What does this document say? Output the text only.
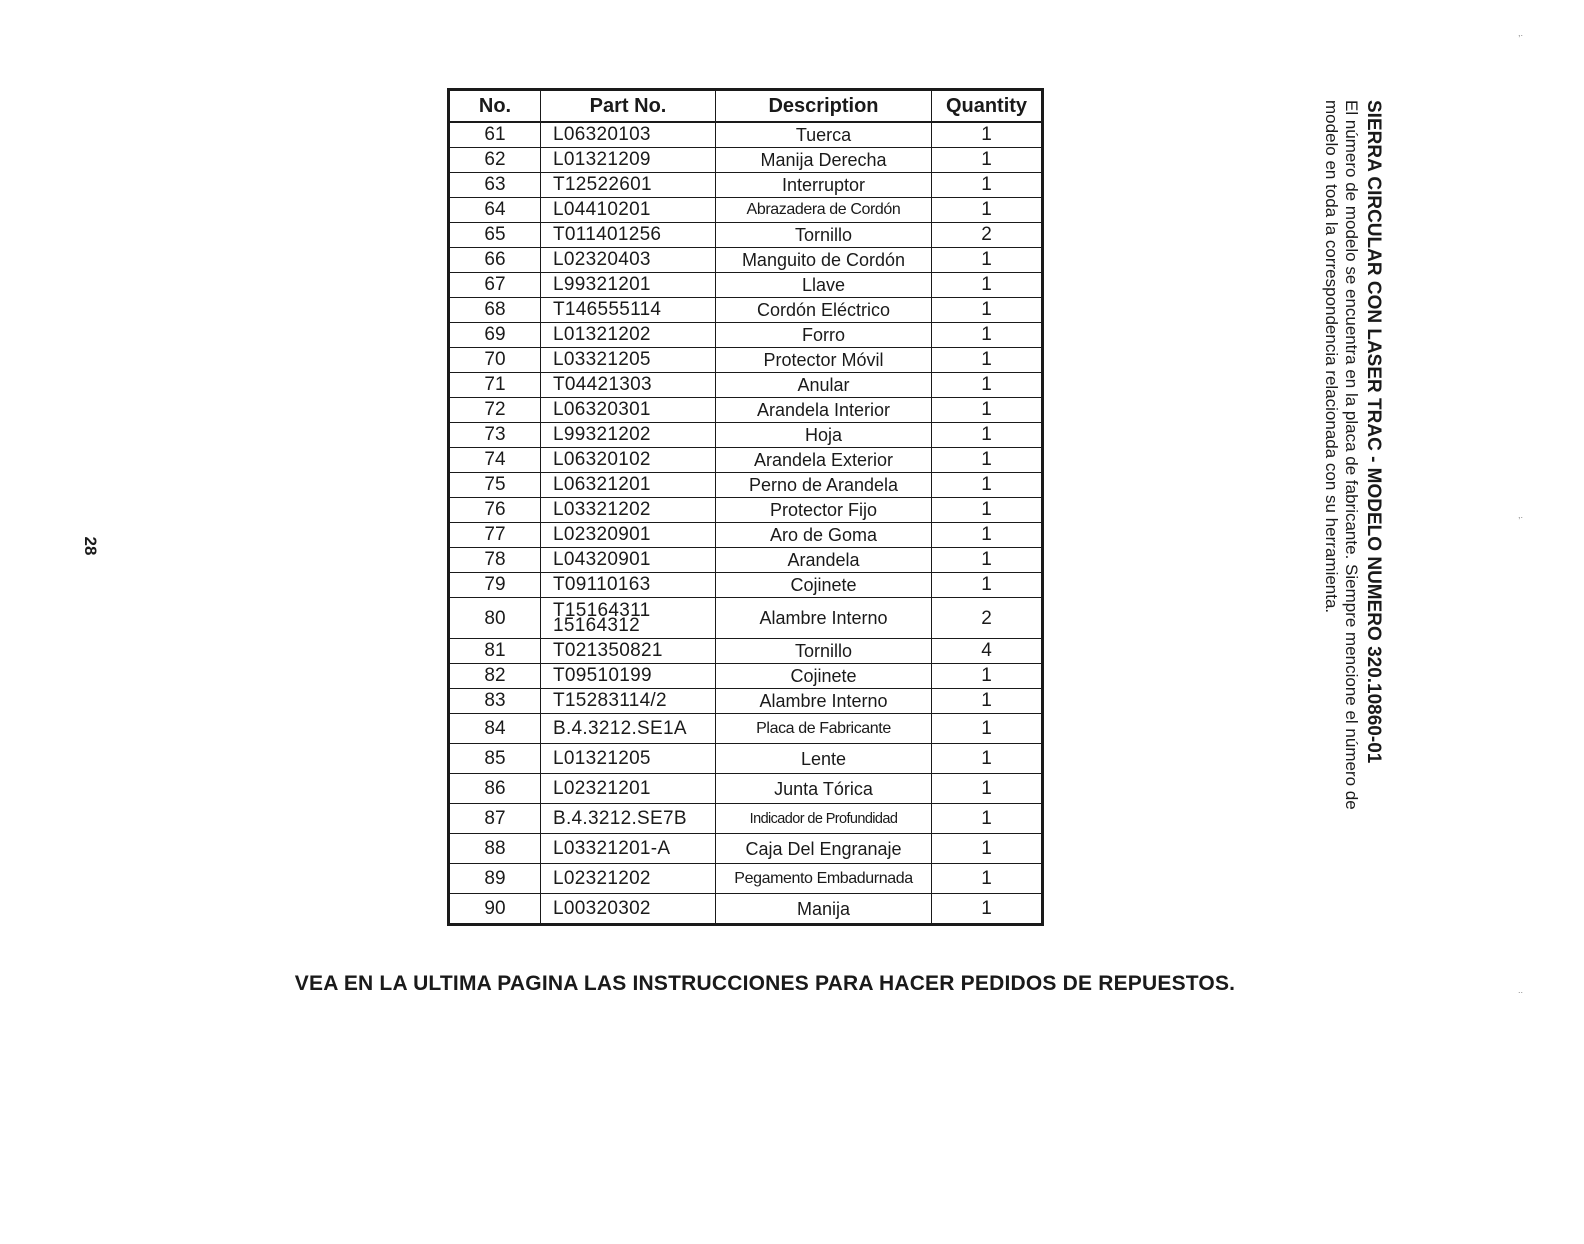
28
No.	Part No.	Description	Quantity
61	L06320103	Tuerca	1
62	L01321209	Manija Derecha	1
63	T12522601	Interruptor	1
64	L04410201	Abrazadera de Cordón	1
65	T011401256	Tornillo	2
66	L02320403	Manguito de Cordón	1
67	L99321201	Llave	1
68	T146555114	Cordón Eléctrico	1
69	L01321202	Forro	1
70	L03321205	Protector Móvil	1
71	T04421303	Anular	1
72	L06320301	Arandela Interior	1
73	L99321202	Hoja	1
74	L06320102	Arandela Exterior	1
75	L06321201	Perno de Arandela	1
76	L03321202	Protector Fijo	1
77	L02320901	Aro de Goma	1
78	L04320901	Arandela	1
79	T09110163	Cojinete	1
80	T15164311
15164312	Alambre Interno	2
81	T021350821	Tornillo	4
82	T09510199	Cojinete	1
83	T15283114/2	Alambre Interno	1
84	B.4.3212.SE1A	Placa de Fabricante	1
85	L01321205	Lente	1
86	L02321201	Junta Tórica	1
87	B.4.3212.SE7B	Indicador de Profundidad	1
88	L03321201-A	Caja Del Engranaje	1
89	L02321202	Pegamento Embadurnada	1
90	L00320302	Manija	1
VEA EN LA ULTIMA PAGINA LAS INSTRUCCIONES PARA HACER PEDIDOS DE REPUESTOS.
SIERRA CIRCULAR CON LASER TRAC - MODELO NUMERO 320.10860-01
El número de modelo se encuentra en la placa de fabricante. Siempre mencione el número de
modelo en toda la correspondencia relacionada con su herramienta.
,.
,.
..
